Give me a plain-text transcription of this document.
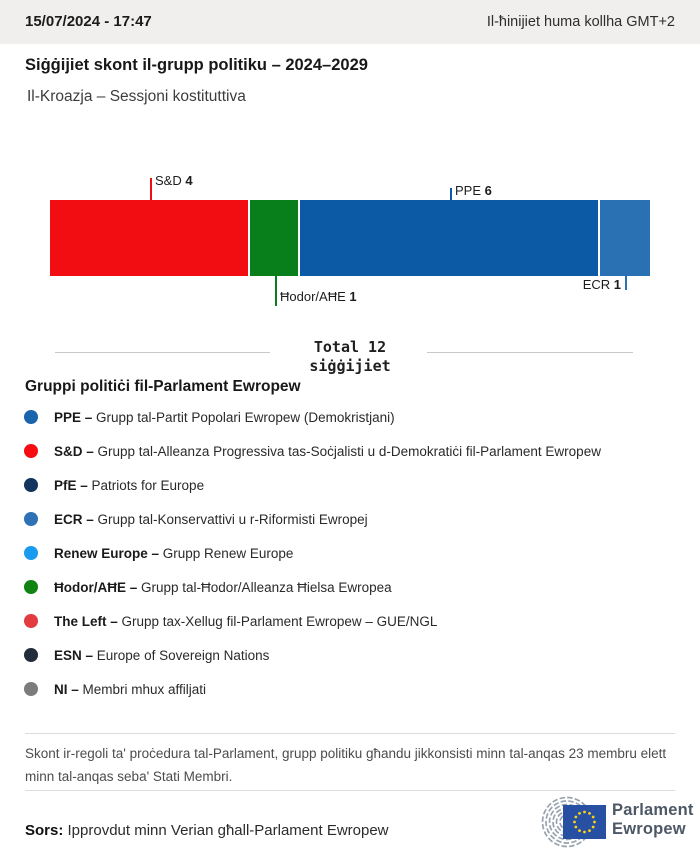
15/07/2024 - 17:47	Il-ħinijiet huma kollha GMT+2
Siġġijiet skont il-grupp politiku – 2024–2029
Il-Kroazja – Sessjoni kostituttiva
S&D 4
Ħodor/AĦE 1
PPE 6
ECR 1
Total 12
siġġijiet
Gruppi politiċi fil-Parlament Ewropew
PPE – Grupp tal-Partit Popolari Ewropew (Demokristjani)
S&D – Grupp tal-Alleanza Progressiva tas-Soċjalisti u d-Demokratiċi fil-Parlament Ewropew
PfE – Patriots for Europe
ECR – Grupp tal-Konservattivi u r-Riformisti Ewropej
Renew Europe – Grupp Renew Europe
Ħodor/AĦE – Grupp tal-Ħodor/Alleanza Ħielsa Ewropea
The Left – Grupp tax-Xellug fil-Parlament Ewropew – GUE/NGL
ESN – Europe of Sovereign Nations
NI – Membri mhux affiljati
Skont ir-regoli ta' proċedura tal-Parlament, grupp politiku għandu jikkonsisti minn tal-anqas 23 membru elett minn tal-anqas seba' Stati Membri.
Sors: Ipprovdut minn Verian għall-Parlament Ewropew
Parlament
Ewropew
